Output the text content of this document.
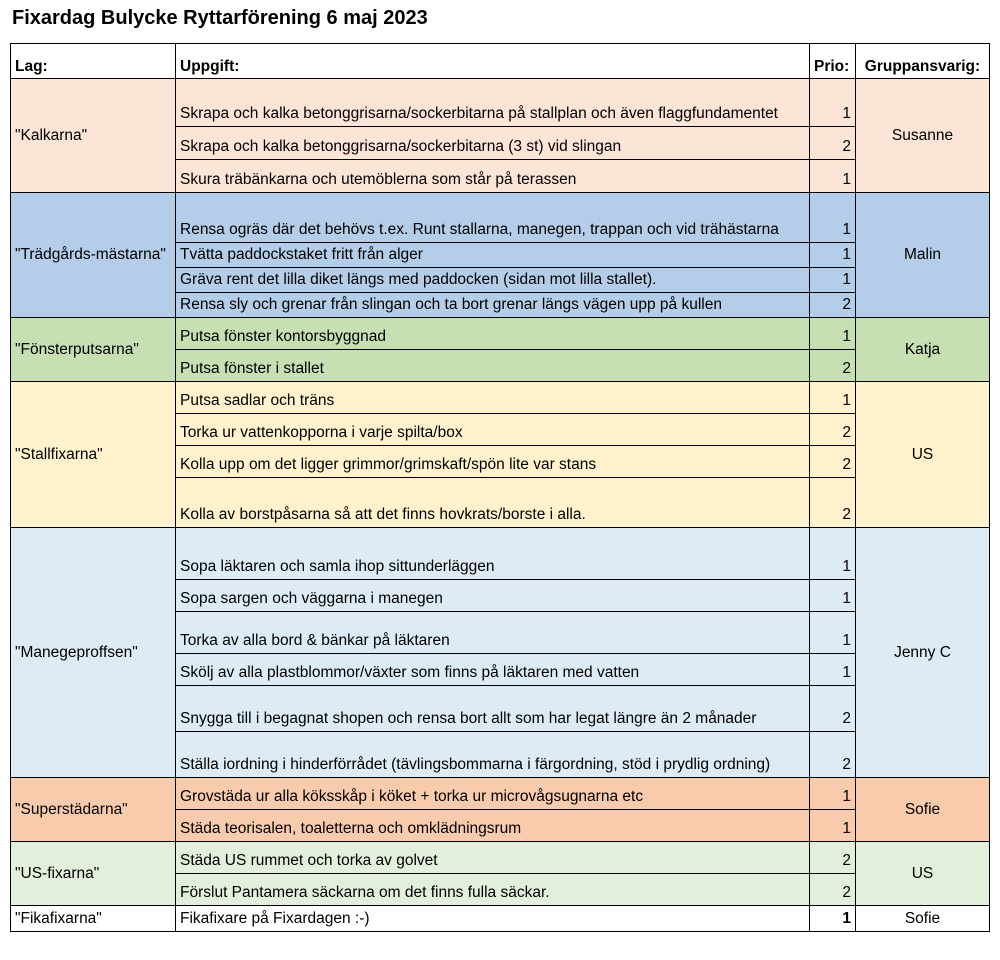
Fixardag Bulycke Ryttarförening 6 maj 2023
Lag:	Uppgift:	Prio:	Gruppansvarig:
"Kalkarna"	Skrapa och kalka betonggrisarna/sockerbitarna på stallplan och även flaggfundamentet	1	Susanne
	Skrapa och kalka betonggrisarna/sockerbitarna (3 st) vid slingan	2	
	Skura träbänkarna och utemöblerna som står på terassen	1	
"Trädgårds-mästarna"	Rensa ogräs där det behövs t.ex. Runt stallarna, manegen, trappan och vid trähästarna	1	Malin
	Tvätta paddockstaket fritt från alger	1	
	Gräva rent det lilla diket längs med paddocken (sidan mot lilla stallet).	1	
	Rensa sly och grenar från slingan och ta bort grenar längs vägen upp på kullen	2	
"Fönsterputsarna"	Putsa fönster kontorsbyggnad	1	Katja
	Putsa fönster i stallet	2	
"Stallfixarna"	Putsa sadlar och träns	1	US
	Torka ur vattenkopporna i varje spilta/box	2	
	Kolla upp om det ligger grimmor/grimskaft/spön lite var stans	2	
	Kolla av borstpåsarna så att det finns hovkrats/borste i alla.	2	
"Manegeproffsen"	Sopa läktaren och samla ihop sittunderläggen	1	Jenny C
	Sopa sargen och väggarna i manegen	1	
	Torka av alla bord & bänkar på läktaren	1	
	Skölj av alla plastblommor/växter som finns på läktaren med vatten	1	
	Snygga till i begagnat shopen och rensa bort allt som har legat längre än 2 månader	2	
	Ställa iordning i hinderförrådet (tävlingsbommarna i färgordning, stöd i prydlig ordning)	2	
"Superstädarna"	Grovstäda ur alla köksskåp i köket + torka ur microvågsugnarna etc	1	Sofie
	Städa teorisalen, toaletterna och omklädningsrum	1	
"US-fixarna"	Städa US rummet och torka av golvet	2	US
	Förslut Pantamera säckarna om det finns fulla säckar.	2	
"Fikafixarna"	Fikafixare på Fixardagen :-)	1	Sofie
